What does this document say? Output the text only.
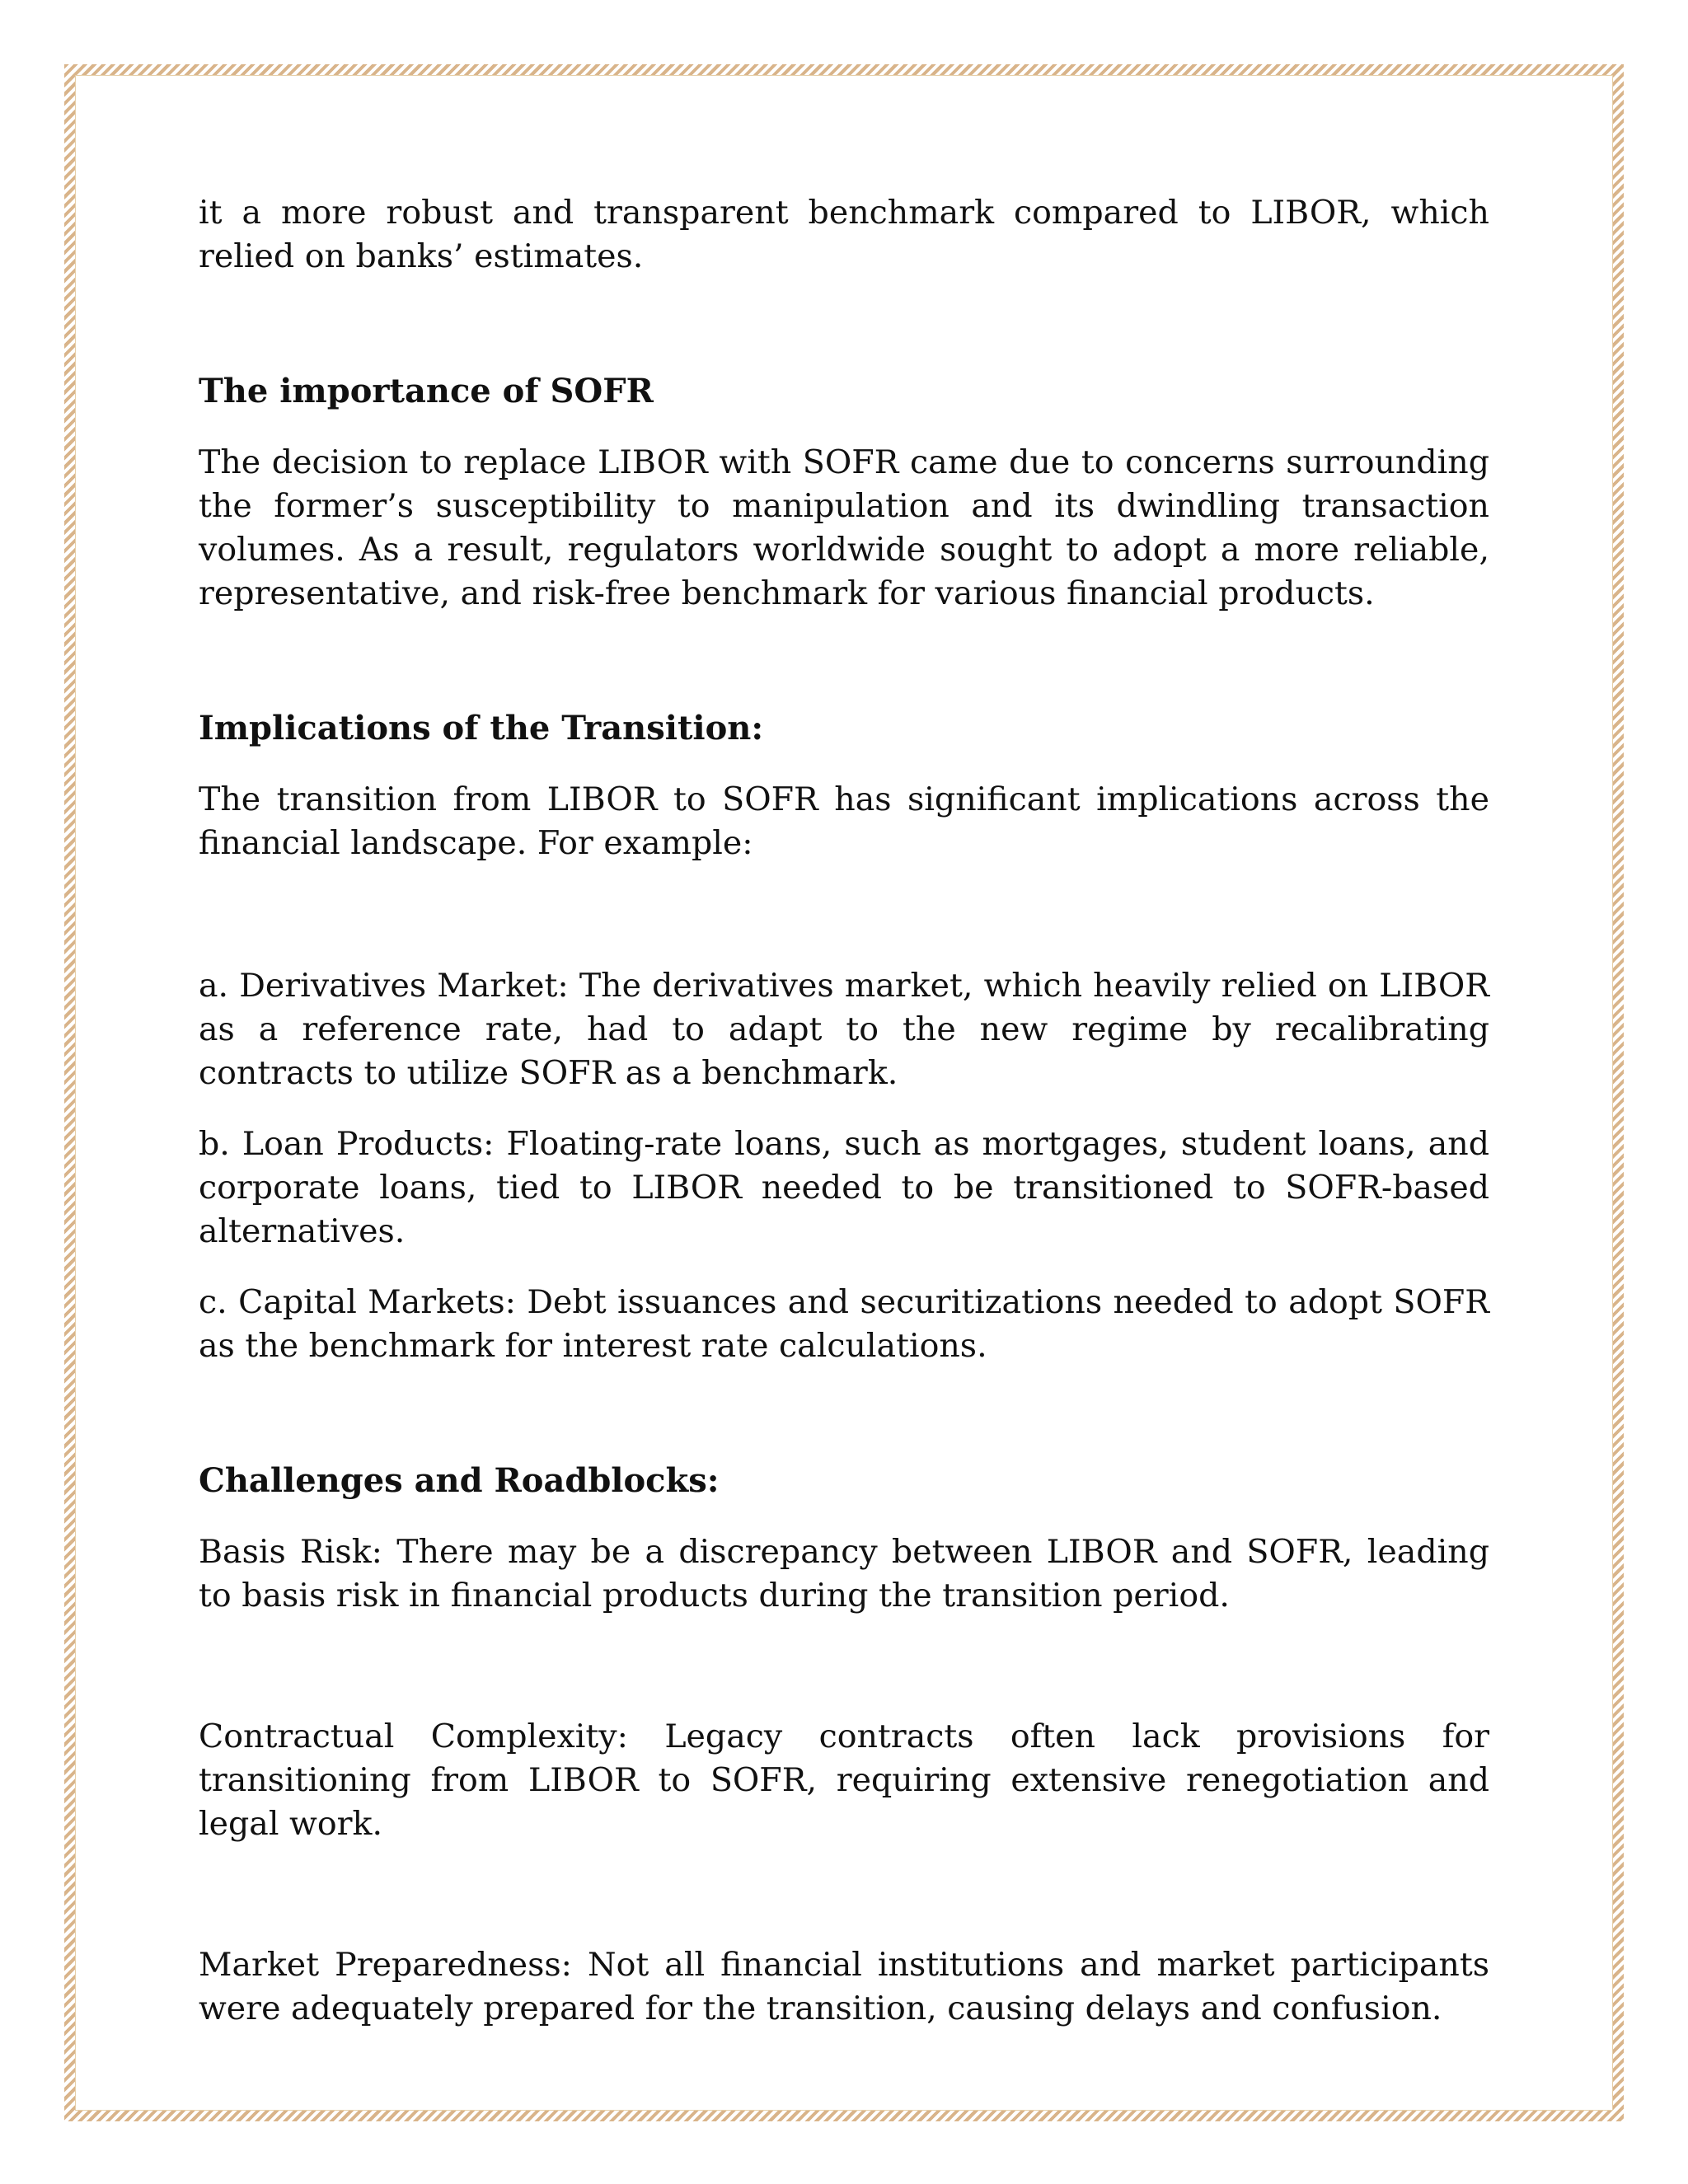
it a more robust and transparent benchmark compared to LIBOR, which relied on banks’ estimates.

The importance of SOFR

The decision to replace LIBOR with SOFR came due to concerns surrounding the former’s susceptibility to manipulation and its dwindling transaction volumes. As a result, regulators worldwide sought to adopt a more reliable, representative, and risk-free benchmark for various financial products.

Implications of the Transition:

The transition from LIBOR to SOFR has significant implications across the financial landscape. For example:

a. Derivatives Market: The derivatives market, which heavily relied on LIBOR as a reference rate, had to adapt to the new regime by recalibrating contracts to utilize SOFR as a benchmark.

b. Loan Products: Floating-rate loans, such as mortgages, student loans, and corporate loans, tied to LIBOR needed to be transitioned to SOFR-based alternatives.

c. Capital Markets: Debt issuances and securitizations needed to adopt SOFR as the benchmark for interest rate calculations.

Challenges and Roadblocks:

Basis Risk: There may be a discrepancy between LIBOR and SOFR, leading to basis risk in financial products during the transition period.

Contractual Complexity: Legacy contracts often lack provisions for transitioning from LIBOR to SOFR, requiring extensive renegotiation and legal work.

Market Preparedness: Not all financial institutions and market participants were adequately prepared for the transition, causing delays and confusion.
